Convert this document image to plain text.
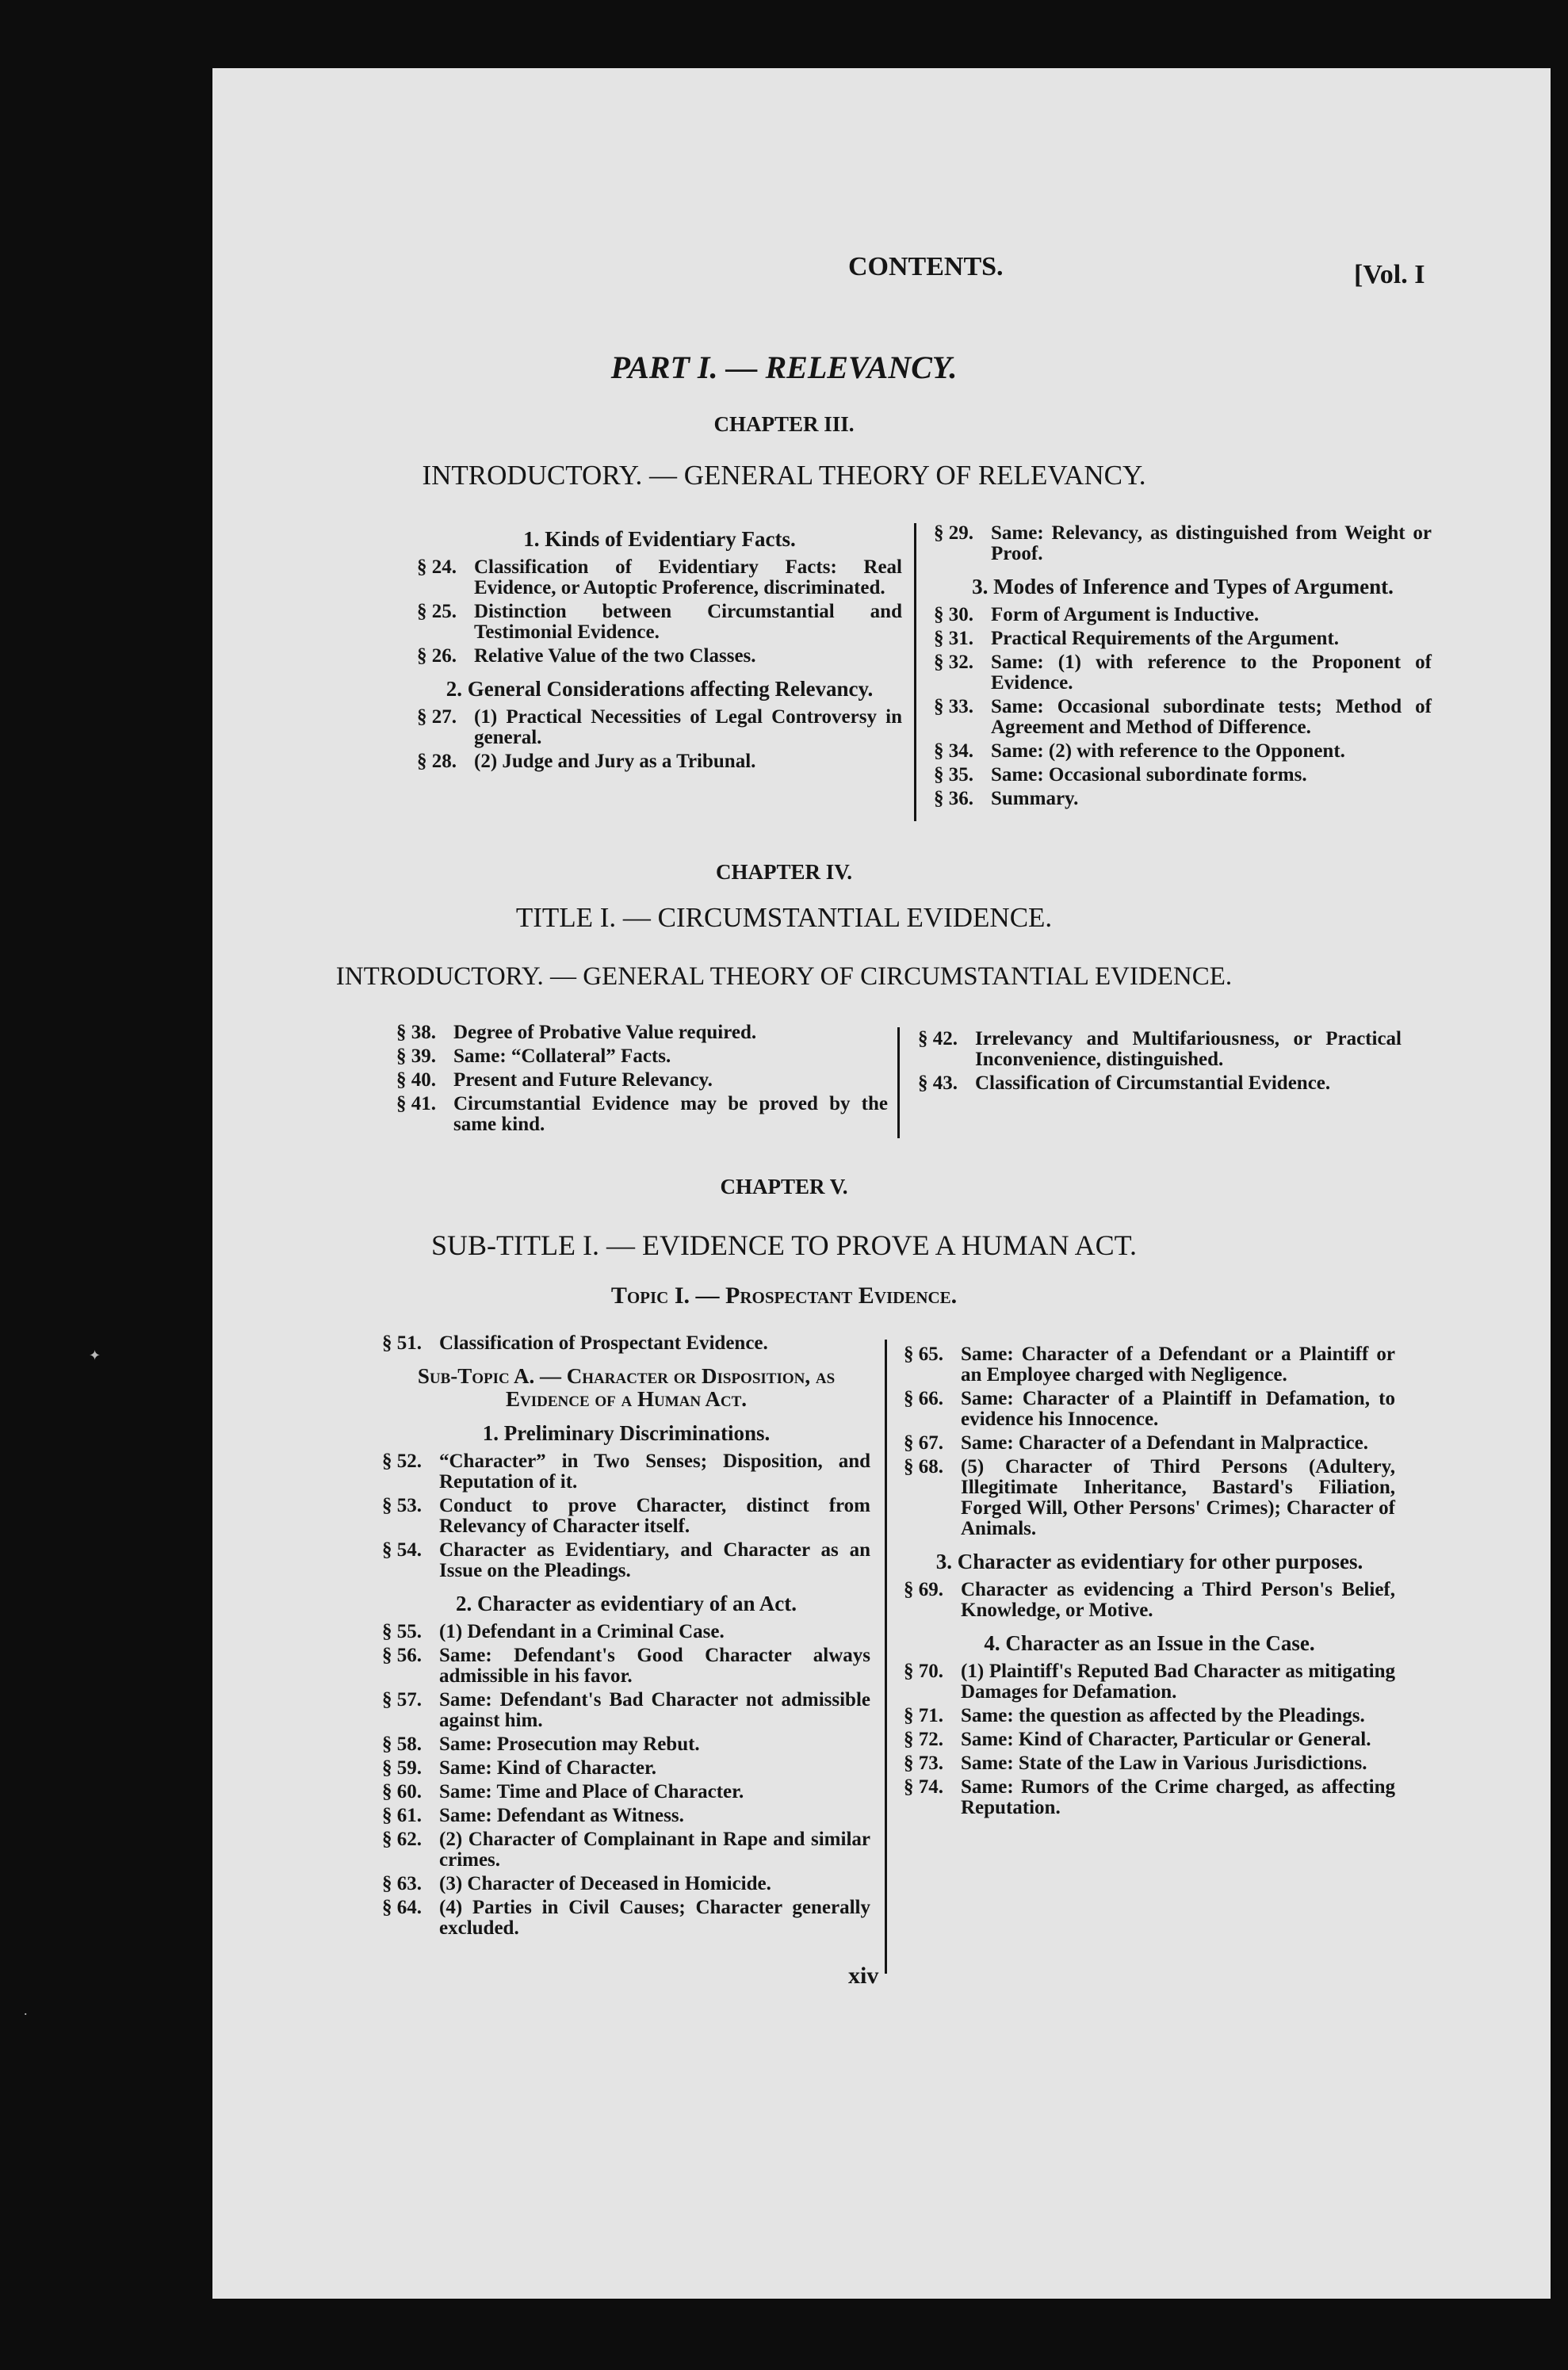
CONTENTS.	[Vol. I
PART I. — RELEVANCY.
CHAPTER III.
INTRODUCTORY. — GENERAL THEORY OF RELEVANCY.
1. Kinds of Evidentiary Facts.
§ 24. Classification of Evidentiary Facts: Real Evidence, or Autoptic Proference, discriminated.
§ 25. Distinction between Circumstantial and Testimonial Evidence.
§ 26. Relative Value of the two Classes.
2. General Considerations affecting Relevancy.
§ 27. (1) Practical Necessities of Legal Controversy in general.
§ 28. (2) Judge and Jury as a Tribunal.
§ 29. Same: Relevancy, as distinguished from Weight or Proof.
3. Modes of Inference and Types of Argument.
§ 30. Form of Argument is Inductive.
§ 31. Practical Requirements of the Argument.
§ 32. Same: (1) with reference to the Proponent of Evidence.
§ 33. Same: Occasional subordinate tests; Method of Agreement and Method of Difference.
§ 34. Same: (2) with reference to the Opponent.
§ 35. Same: Occasional subordinate forms.
§ 36. Summary.
CHAPTER IV.
TITLE I. — CIRCUMSTANTIAL EVIDENCE.
INTRODUCTORY. — GENERAL THEORY OF CIRCUMSTANTIAL EVIDENCE.
§ 38. Degree of Probative Value required.
§ 39. Same: “Collateral” Facts.
§ 40. Present and Future Relevancy.
§ 41. Circumstantial Evidence may be proved by the same kind.
§ 42. Irrelevancy and Multifariousness, or Practical Inconvenience, distinguished.
§ 43. Classification of Circumstantial Evidence.
CHAPTER V.
SUB-TITLE I. — EVIDENCE TO PROVE A HUMAN ACT.
Topic I. — Prospectant Evidence.
§ 51. Classification of Prospectant Evidence.
Sub-Topic A. — Character or Disposition, as Evidence of a Human Act.
1. Preliminary Discriminations.
§ 52. “Character” in Two Senses; Disposition, and Reputation of it.
§ 53. Conduct to prove Character, distinct from Relevancy of Character itself.
§ 54. Character as Evidentiary, and Character as an Issue on the Pleadings.
2. Character as evidentiary of an Act.
§ 55. (1) Defendant in a Criminal Case.
§ 56. Same: Defendant's Good Character always admissible in his favor.
§ 57. Same: Defendant's Bad Character not admissible against him.
§ 58. Same: Prosecution may Rebut.
§ 59. Same: Kind of Character.
§ 60. Same: Time and Place of Character.
§ 61. Same: Defendant as Witness.
§ 62. (2) Character of Complainant in Rape and similar crimes.
§ 63. (3) Character of Deceased in Homicide.
§ 64. (4) Parties in Civil Causes; Character generally excluded.
§ 65. Same: Character of a Defendant or a Plaintiff or an Employee charged with Negligence.
§ 66. Same: Character of a Plaintiff in Defamation, to evidence his Innocence.
§ 67. Same: Character of a Defendant in Malpractice.
§ 68. (5) Character of Third Persons (Adultery, Illegitimate Inheritance, Bastard's Filiation, Forged Will, Other Persons' Crimes); Character of Animals.
3. Character as evidentiary for other purposes.
§ 69. Character as evidencing a Third Person's Belief, Knowledge, or Motive.
4. Character as an Issue in the Case.
§ 70. (1) Plaintiff's Reputed Bad Character as mitigating Damages for Defamation.
§ 71. Same: the question as affected by the Pleadings.
§ 72. Same: Kind of Character, Particular or General.
§ 73. Same: State of the Law in Various Jurisdictions.
§ 74. Same: Rumors of the Crime charged, as affecting Reputation.
xiv
✦
.
